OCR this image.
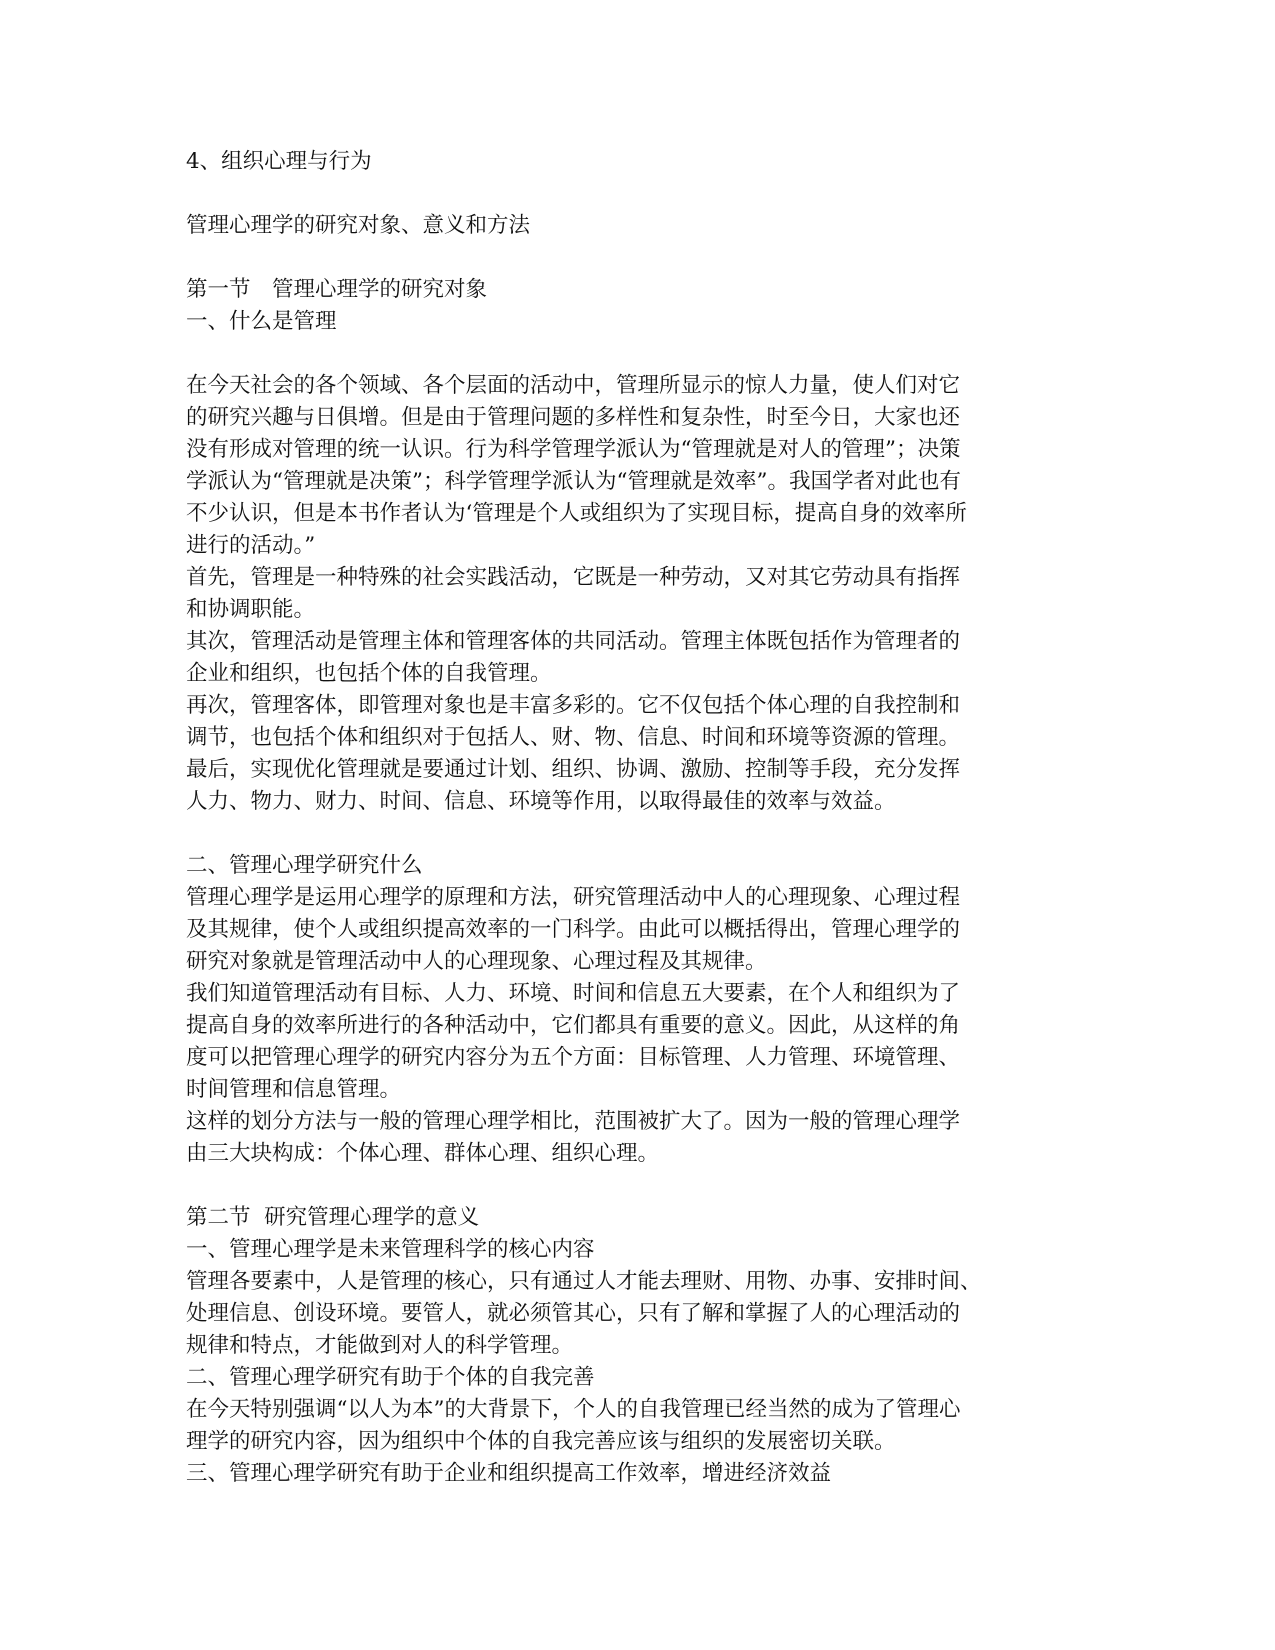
4、组织心理与行为
管理心理学的研究对象、意义和方法
第一节　管理心理学的研究对象
一、什么是管理
在今天社会的各个领域、各个层面的活动中，管理所显示的惊人力量，使人们对它
的研究兴趣与日俱增。但是由于管理问题的多样性和复杂性，时至今日，大家也还
没有形成对管理的统一认识。行为科学管理学派认为“管理就是对人的管理”；决策
学派认为“管理就是决策”；科学管理学派认为“管理就是效率”。我国学者对此也有
不少认识，但是本书作者认为‘管理是个人或组织为了实现目标，提高自身的效率所
进行的活动。”
首先，管理是一种特殊的社会实践活动，它既是一种劳动，又对其它劳动具有指挥
和协调职能。
其次，管理活动是管理主体和管理客体的共同活动。管理主体既包括作为管理者的
企业和组织，也包括个体的自我管理。
再次，管理客体，即管理对象也是丰富多彩的。它不仅包括个体心理的自我控制和
调节，也包括个体和组织对于包括人、财、物、信息、时间和环境等资源的管理。
最后，实现优化管理就是要通过计划、组织、协调、激励、控制等手段，充分发挥
人力、物力、财力、时间、信息、环境等作用，以取得最佳的效率与效益。
二、管理心理学研究什么
管理心理学是运用心理学的原理和方法，研究管理活动中人的心理现象、心理过程
及其规律，使个人或组织提高效率的一门科学。由此可以概括得出，管理心理学的
研究对象就是管理活动中人的心理现象、心理过程及其规律。
我们知道管理活动有目标、人力、环境、时间和信息五大要素，在个人和组织为了
提高自身的效率所进行的各种活动中，它们都具有重要的意义。因此，从这样的角
度可以把管理心理学的研究内容分为五个方面：目标管理、人力管理、环境管理、
时间管理和信息管理。
这样的划分方法与一般的管理心理学相比，范围被扩大了。因为一般的管理心理学
由三大块构成：个体心理、群体心理、组织心理。
第二节  研究管理心理学的意义
一、管理心理学是未来管理科学的核心内容
管理各要素中，人是管理的核心，只有通过人才能去理财、用物、办事、安排时间、
处理信息、创设环境。要管人，就必须管其心，只有了解和掌握了人的心理活动的
规律和特点，才能做到对人的科学管理。
二、管理心理学研究有助于个体的自我完善
在今天特别强调“以人为本”的大背景下，个人的自我管理已经当然的成为了管理心
理学的研究内容，因为组织中个体的自我完善应该与组织的发展密切关联。
三、管理心理学研究有助于企业和组织提高工作效率，增进经济效益
